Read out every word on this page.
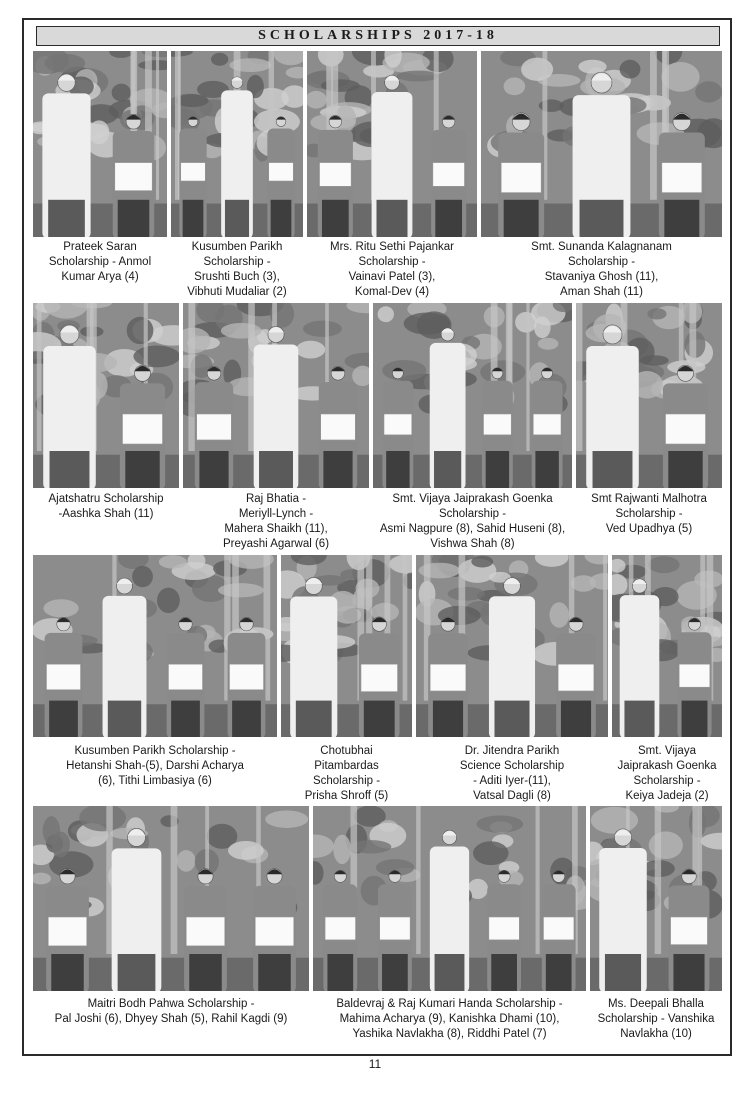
SCHOLARSHIPS 2017-18
Prateek Saran
Scholarship - Anmol
Kumar Arya (4)
Kusumben Parikh
Scholarship -
Srushti Buch (3),
Vibhuti Mudaliar (2)
Mrs. Ritu Sethi Pajankar
Scholarship -
Vainavi Patel (3),
Komal-Dev (4)
Smt. Sunanda Kalagnanam
Scholarship -
Stavaniya Ghosh (11),
Aman Shah (11)
Ajatshatru Scholarship
-Aashka Shah (11)
Raj Bhatia -
Meriyll-Lynch -
Mahera Shaikh (11),
Preyashi Agarwal (6)
Smt. Vijaya Jaiprakash Goenka
Scholarship -
Asmi Nagpure (8), Sahid Huseni (8),
Vishwa Shah (8)
Smt Rajwanti Malhotra
Scholarship -
Ved Upadhya (5)
Kusumben Parikh Scholarship -
Hetanshi Shah-(5), Darshi Acharya
(6), Tithi Limbasiya (6)
Chotubhai
Pitambardas
Scholarship -
Prisha Shroff (5)
Dr. Jitendra Parikh
Science Scholarship
- Aditi Iyer-(11),
Vatsal Dagli (8)
Smt. Vijaya
Jaiprakash Goenka
Scholarship -
Keiya Jadeja (2)
Maitri Bodh Pahwa Scholarship -
Pal Joshi (6), Dhyey Shah (5), Rahil Kagdi (9)
Baldevraj & Raj Kumari Handa Scholarship -
Mahima Acharya (9), Kanishka Dhami (10),
Yashika Navlakha (8), Riddhi Patel (7)
Ms. Deepali Bhalla
Scholarship - Vanshika
Navlakha (10)
11
